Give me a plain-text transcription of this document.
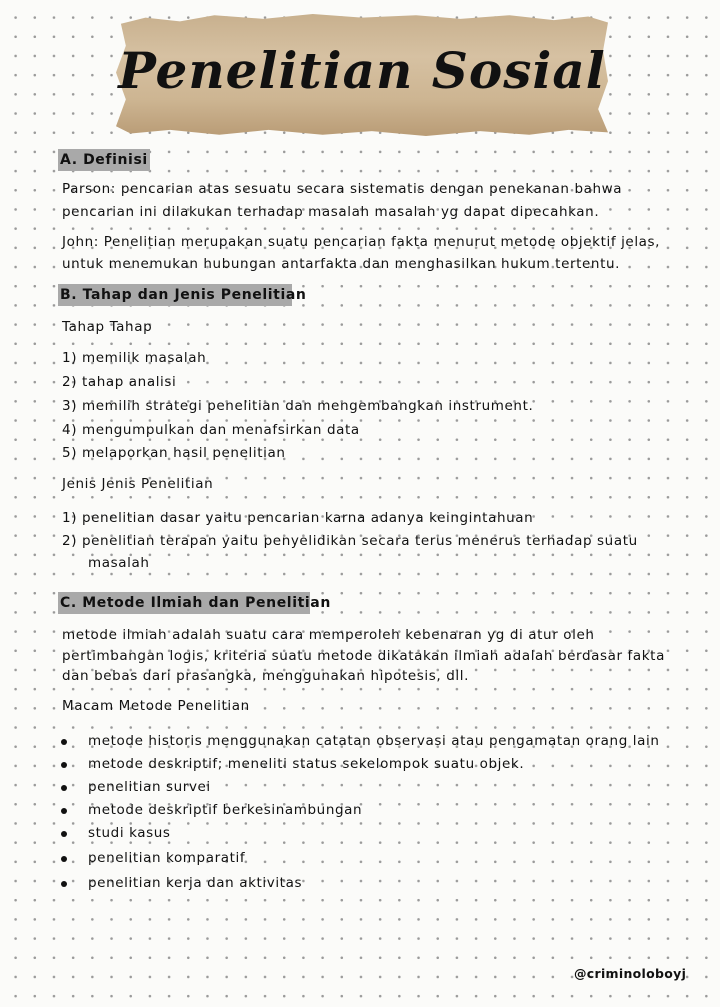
Penelitian Sosial
A. Definisi
Parson: pencarian atas sesuatu secara sistematis dengan penekanan bahwa
pencarian ini dilakukan terhadap masalah masalah yg dapat dipecahkan.
John: Penelitian merupakan suatu pencarian fakta menurut metode objektif jelas,
untuk menemukan hubungan antarfakta dan menghasilkan hukum tertentu.
B. Tahap dan Jenis Penelitian
Tahap Tahap
1) memilik masalah
2) tahap analisi
3) memilih strategi penelitian dan mengembangkan instrument.
4) mengumpulkan dan menafsirkan data
5) melaporkan hasil penelitian
Jenis Jenis Penelitian
1) penelitian dasar yaitu pencarian karna adanya keingintahuan
2) penelitian terapan yaitu penyelidikan secara terus menerus terhadap suatu
masalah
C. Metode Ilmiah dan Penelitian
metode ilmiah adalah suatu cara memperoleh kebenaran yg di atur oleh
pertimbangan logis, kriteria suatu metode dikatakan ilmiah adalah berdasar fakta
dan bebas dari prasangka, menggunakan hipotesis, dll.
Macam Metode Penelitian
metode historis menggunakan catatan observasi atau pengamatan orang lain
metode deskriptif; meneliti status sekelompok suatu objek.
penelitian survei
metode deskriptif berkesinambungan
studi kasus
penelitian komparatif
penelitian kerja dan aktivitas
@criminoloboyj
